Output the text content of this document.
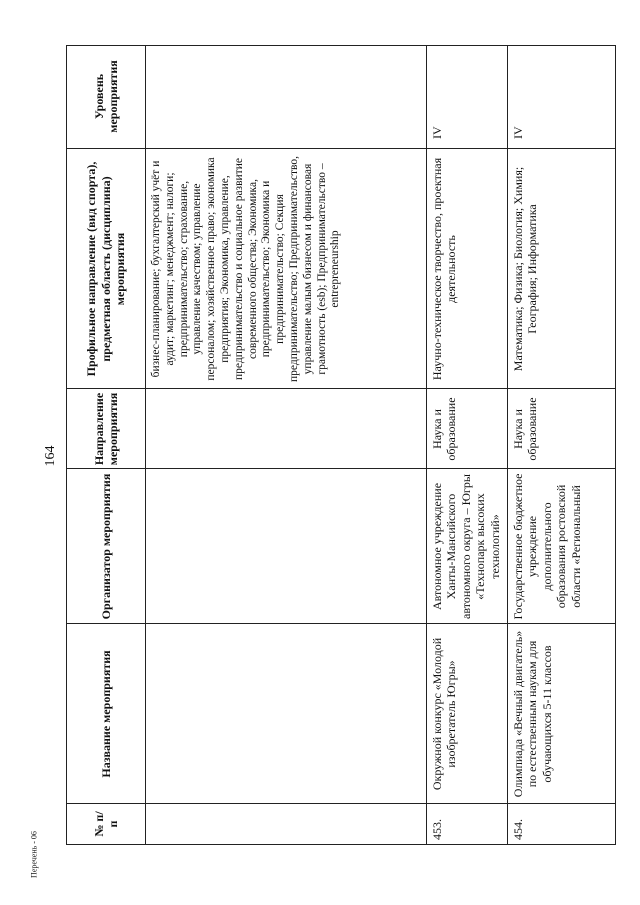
164
Перечень - 06
№ п/п
Название мероприятия
Организатор мероприятия
Направление мероприятия
Профильное направление (вид спорта), предметная область (дисциплина) мероприятия
Уровень мероприятия
бизнес-планирование; бухгалтерский учёт и аудит; маркетинг; менеджмент; налоги; предпринимательство; страхование, управление качеством; управление персоналом; хозяйственное право; экономика предприятия; Экономика, управление, предпринимательство и социальное развитие современного общества; Экономика, предпринимательство; Экономика и предпринимательство; Секция предпринимательство; Предпринимательство, управление малым бизнесом и финансовая грамотность (esb); Предпринимательство – entrepreneurship
453.
Окружной конкурс «Молодой изобретатель Югры»
Автономное учреждение Ханты-Мансийского автономного округа – Югры «Технопарк высоких технологий»
Наука и образование
Научно-техническое творчество, проектная деятельность
IV
454.
Олимпиада «Вечный двигатель» по естественным наукам для обучающихся 5-11 классов
Государственное бюджетное учреждение дополнительного образования ростовской области «Региональный
Наука и образование
Математика; Физика; Биология; Химия; География; Информатика
IV
